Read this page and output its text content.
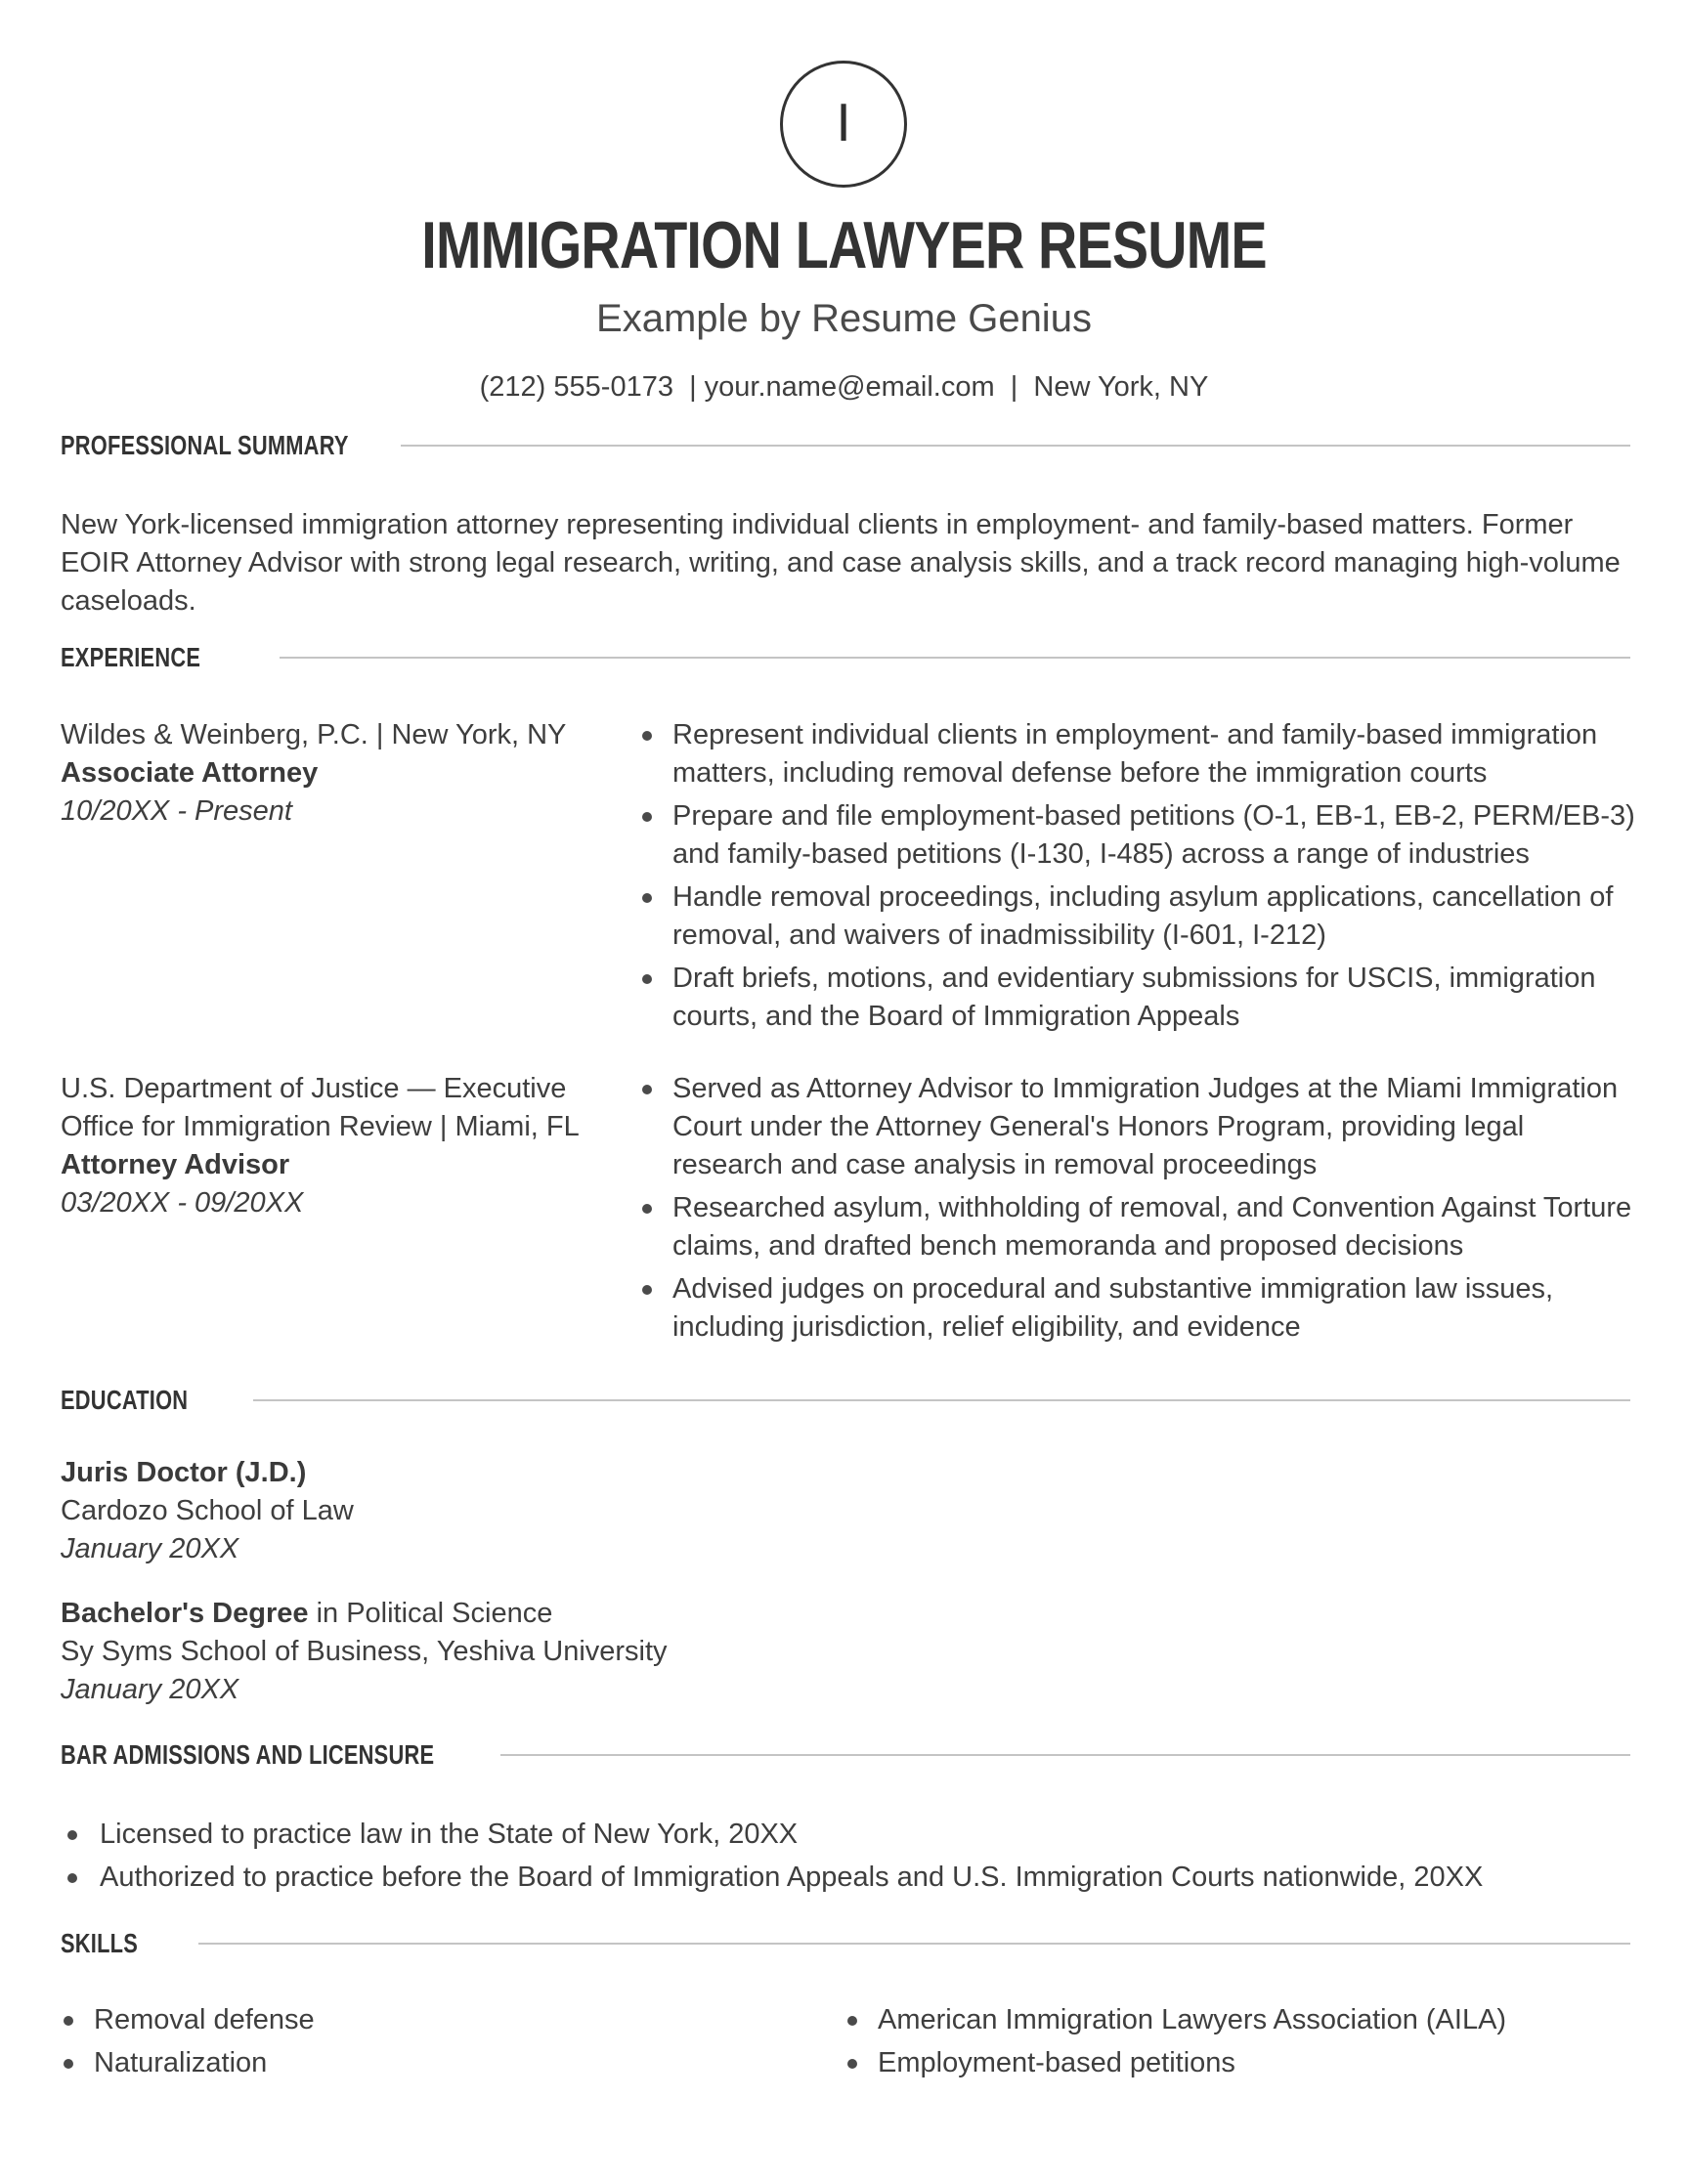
I
IMMIGRATION LAWYER RESUME
Example by Resume Genius
(212) 555-0173  | your.name@email.com  |  New York, NY
PROFESSIONAL SUMMARY
New York-licensed immigration attorney representing individual clients in employment- and family-based matters. Former EOIR Attorney Advisor with strong legal research, writing, and case analysis skills, and a track record managing high-volume caseloads.
EXPERIENCE
Wildes & Weinberg, P.C. | New York, NY
Associate Attorney
10/20XX - Present
Represent individual clients in employment- and family-based immigration matters, including removal defense before the immigration courts
Prepare and file employment-based petitions (O-1, EB-1, EB-2, PERM/EB-3) and family-based petitions (I-130, I-485) across a range of industries
Handle removal proceedings, including asylum applications, cancellation of removal, and waivers of inadmissibility (I-601, I-212)
Draft briefs, motions, and evidentiary submissions for USCIS, immigration courts, and the Board of Immigration Appeals
U.S. Department of Justice — Executive Office for Immigration Review | Miami, FL
Attorney Advisor
03/20XX - 09/20XX
Served as Attorney Advisor to Immigration Judges at the Miami Immigration Court under the Attorney General's Honors Program, providing legal research and case analysis in removal proceedings
Researched asylum, withholding of removal, and Convention Against Torture claims, and drafted bench memoranda and proposed decisions
Advised judges on procedural and substantive immigration law issues, including jurisdiction, relief eligibility, and evidence
EDUCATION
Juris Doctor (J.D.)
Cardozo School of Law
January 20XX
Bachelor's Degree in Political Science
Sy Syms School of Business, Yeshiva University
January 20XX
BAR ADMISSIONS AND LICENSURE
Licensed to practice law in the State of New York, 20XX
Authorized to practice before the Board of Immigration Appeals and U.S. Immigration Courts nationwide, 20XX
SKILLS
Removal defense
Naturalization
American Immigration Lawyers Association (AILA)
Employment-based petitions
